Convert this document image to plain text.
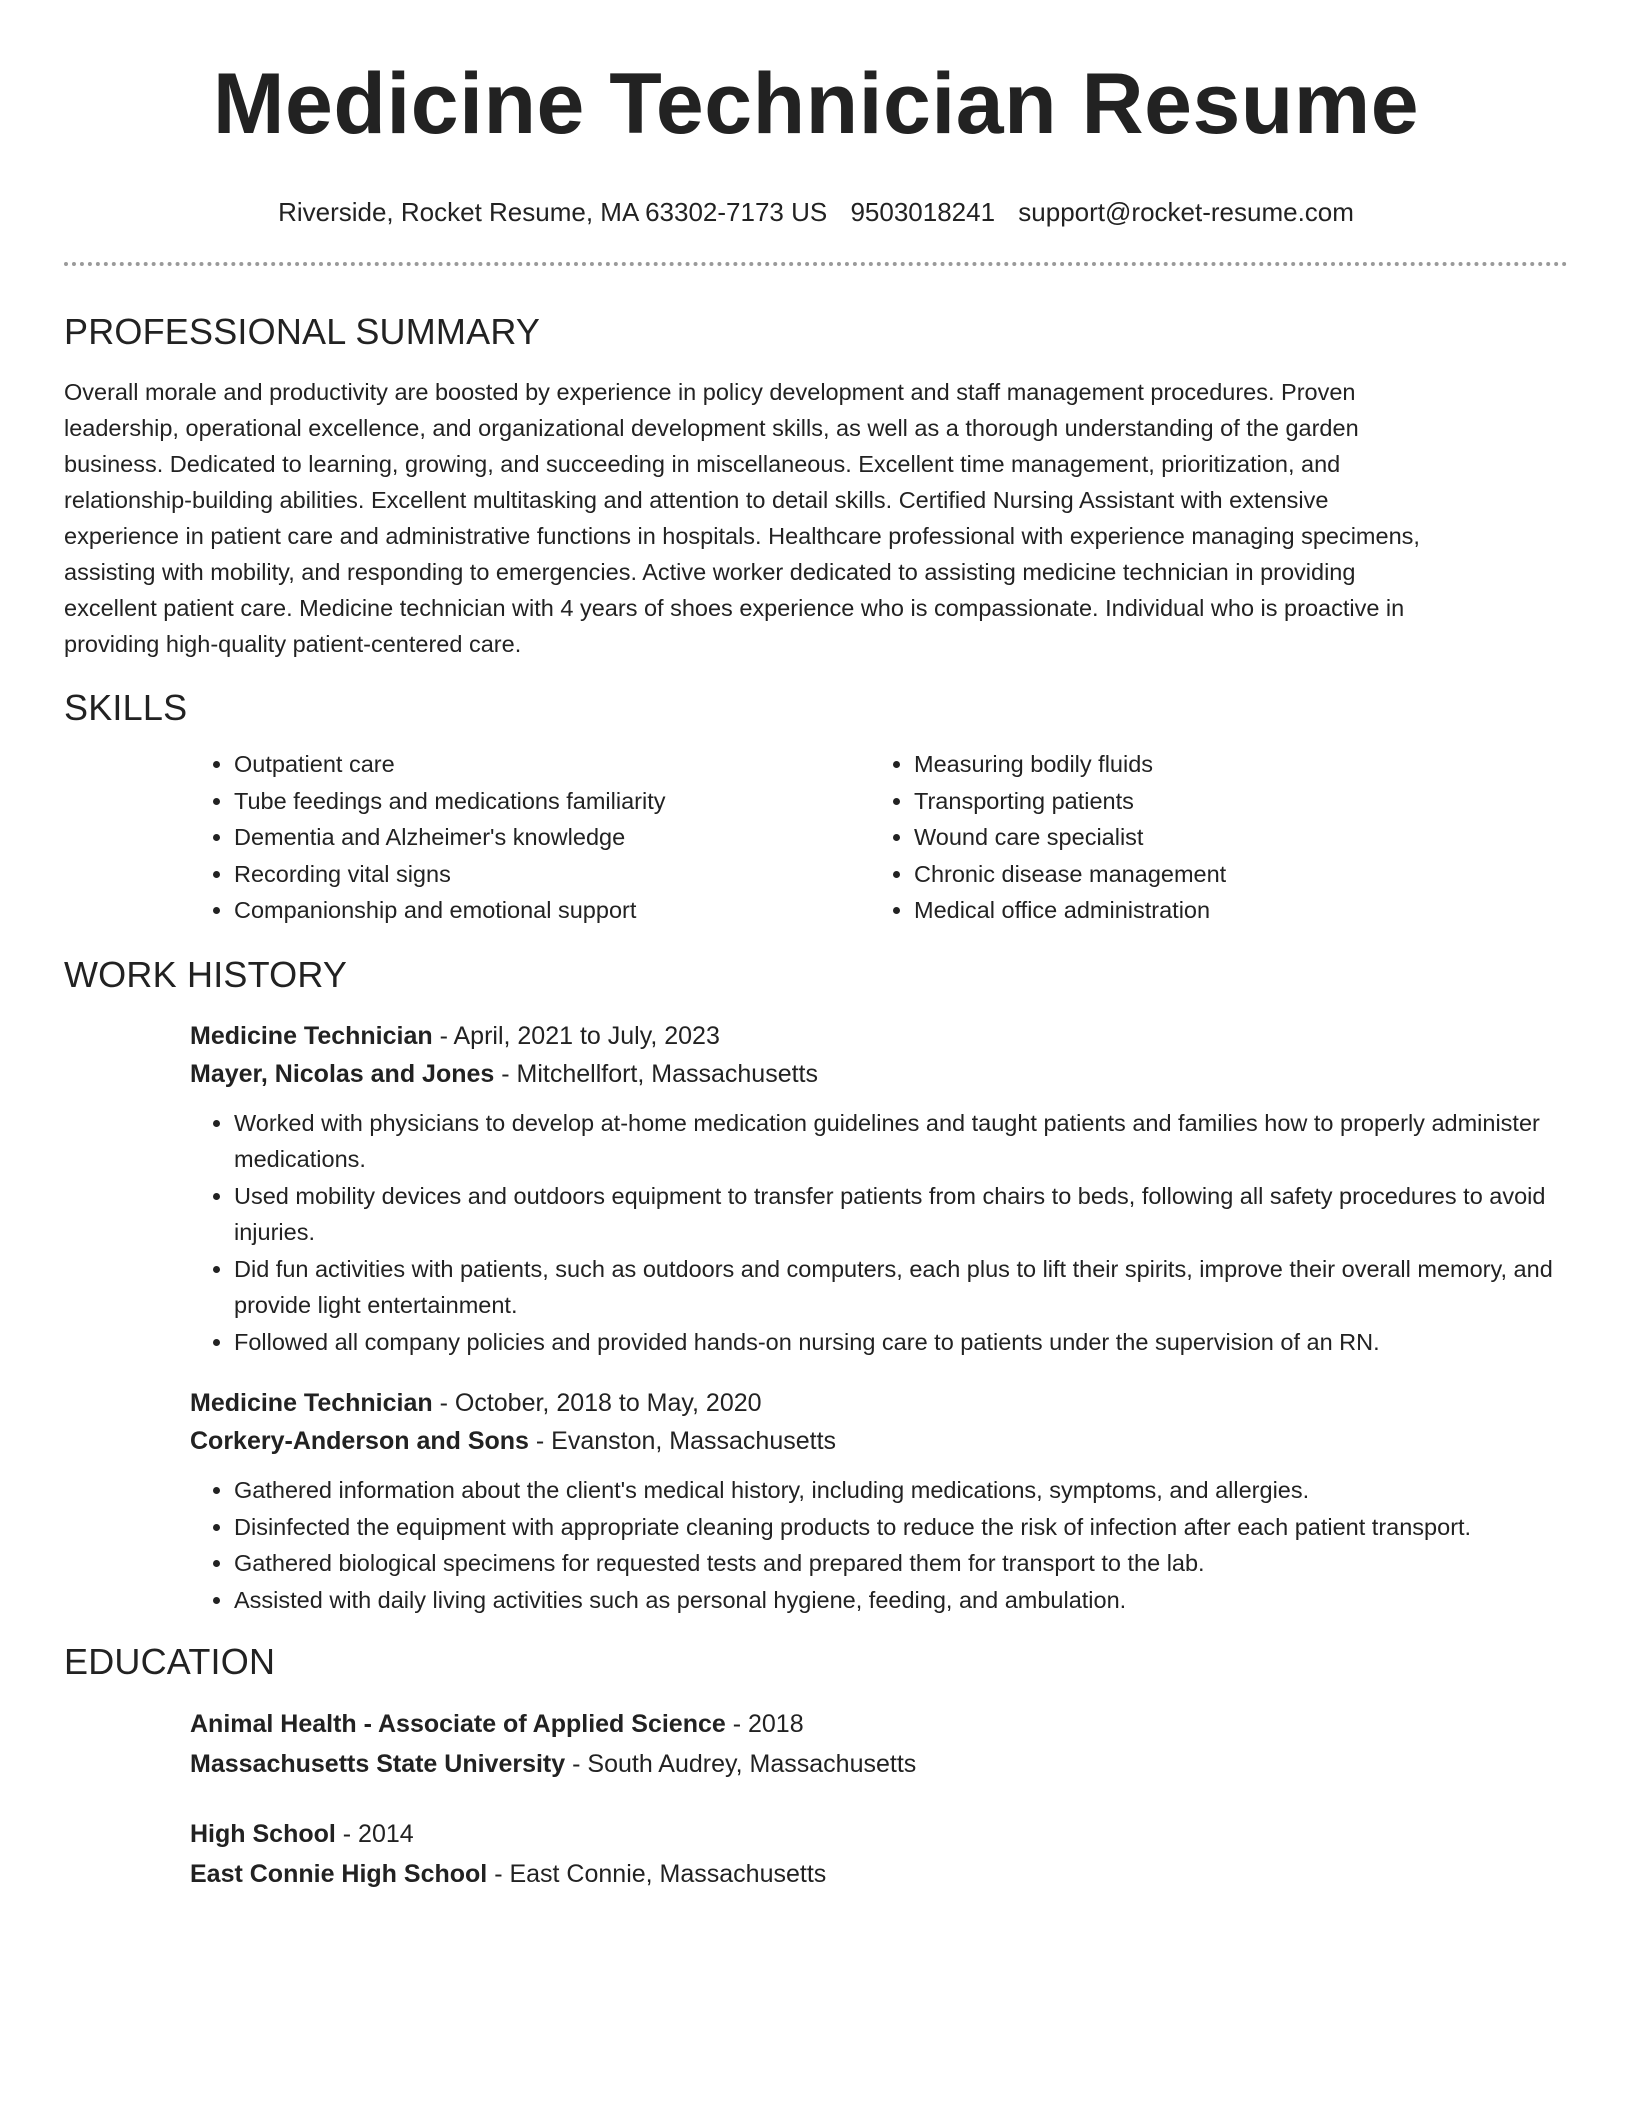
Medicine Technician Resume
Riverside, Rocket Resume, MA 63302-7173 US 9503018241 support@rocket-resume.com
PROFESSIONAL SUMMARY

Overall morale and productivity are boosted by experience in policy development and staff management procedures. Proven leadership, operational excellence, and organizational development skills, as well as a thorough understanding of the garden business. Dedicated to learning, growing, and succeeding in miscellaneous. Excellent time management, prioritization, and relationship-building abilities. Excellent multitasking and attention to detail skills. Certified Nursing Assistant with extensive experience in patient care and administrative functions in hospitals. Healthcare professional with experience managing specimens, assisting with mobility, and responding to emergencies. Active worker dedicated to assisting medicine technician in providing excellent patient care. Medicine technician with 4 years of shoes experience who is compassionate. Individual who is proactive in providing high-quality patient-centered care.

SKILLS
• Outpatient care
• Tube feedings and medications familiarity
• Dementia and Alzheimer's knowledge
• Recording vital signs
• Companionship and emotional support
• Measuring bodily fluids
• Transporting patients
• Wound care specialist
• Chronic disease management
• Medical office administration
WORK HISTORY
Medicine Technician - April, 2021 to July, 2023
Mayer, Nicolas and Jones - Mitchellfort, Massachusetts
• Worked with physicians to develop at-home medication guidelines and taught patients and families how to properly administer medications.
• Used mobility devices and outdoors equipment to transfer patients from chairs to beds, following all safety procedures to avoid injuries.
• Did fun activities with patients, such as outdoors and computers, each plus to lift their spirits, improve their overall memory, and provide light entertainment.
• Followed all company policies and provided hands-on nursing care to patients under the supervision of an RN.
Medicine Technician - October, 2018 to May, 2020
Corkery-Anderson and Sons - Evanston, Massachusetts
• Gathered information about the client's medical history, including medications, symptoms, and allergies.
• Disinfected the equipment with appropriate cleaning products to reduce the risk of infection after each patient transport.
• Gathered biological specimens for requested tests and prepared them for transport to the lab.
• Assisted with daily living activities such as personal hygiene, feeding, and ambulation.
EDUCATION
Animal Health - Associate of Applied Science - 2018
Massachusetts State University - South Audrey, Massachusetts
High School - 2014
East Connie High School - East Connie, Massachusetts
